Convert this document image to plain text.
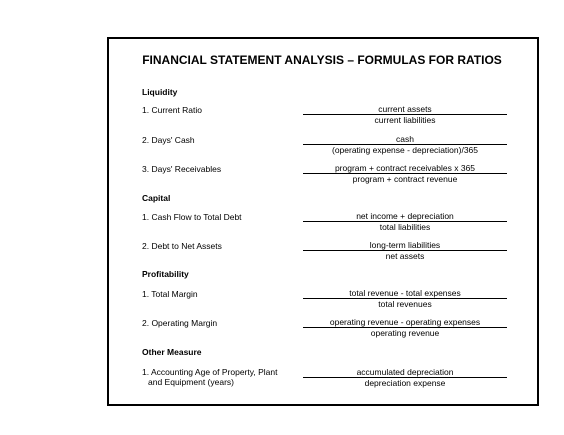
FINANCIAL STATEMENT ANALYSIS – FORMULAS FOR RATIOS
Liquidity
1. Current Ratio	current assets
current liabilities
2. Days' Cash	cash
(operating expense - depreciation)/365
3. Days' Receivables	program + contract receivables x 365
program + contract revenue
Capital
1. Cash Flow to Total Debt	net income + depreciation
total liabilities
2. Debt to Net Assets	long-term liabilities
net assets
Profitability
1. Total Margin	total revenue - total expenses
total revenues
2. Operating Margin	operating revenue - operating expenses
operating revenue
Other Measure
1. Accounting Age of Property, Plant
and Equipment (years)
accumulated depreciation
depreciation expense
